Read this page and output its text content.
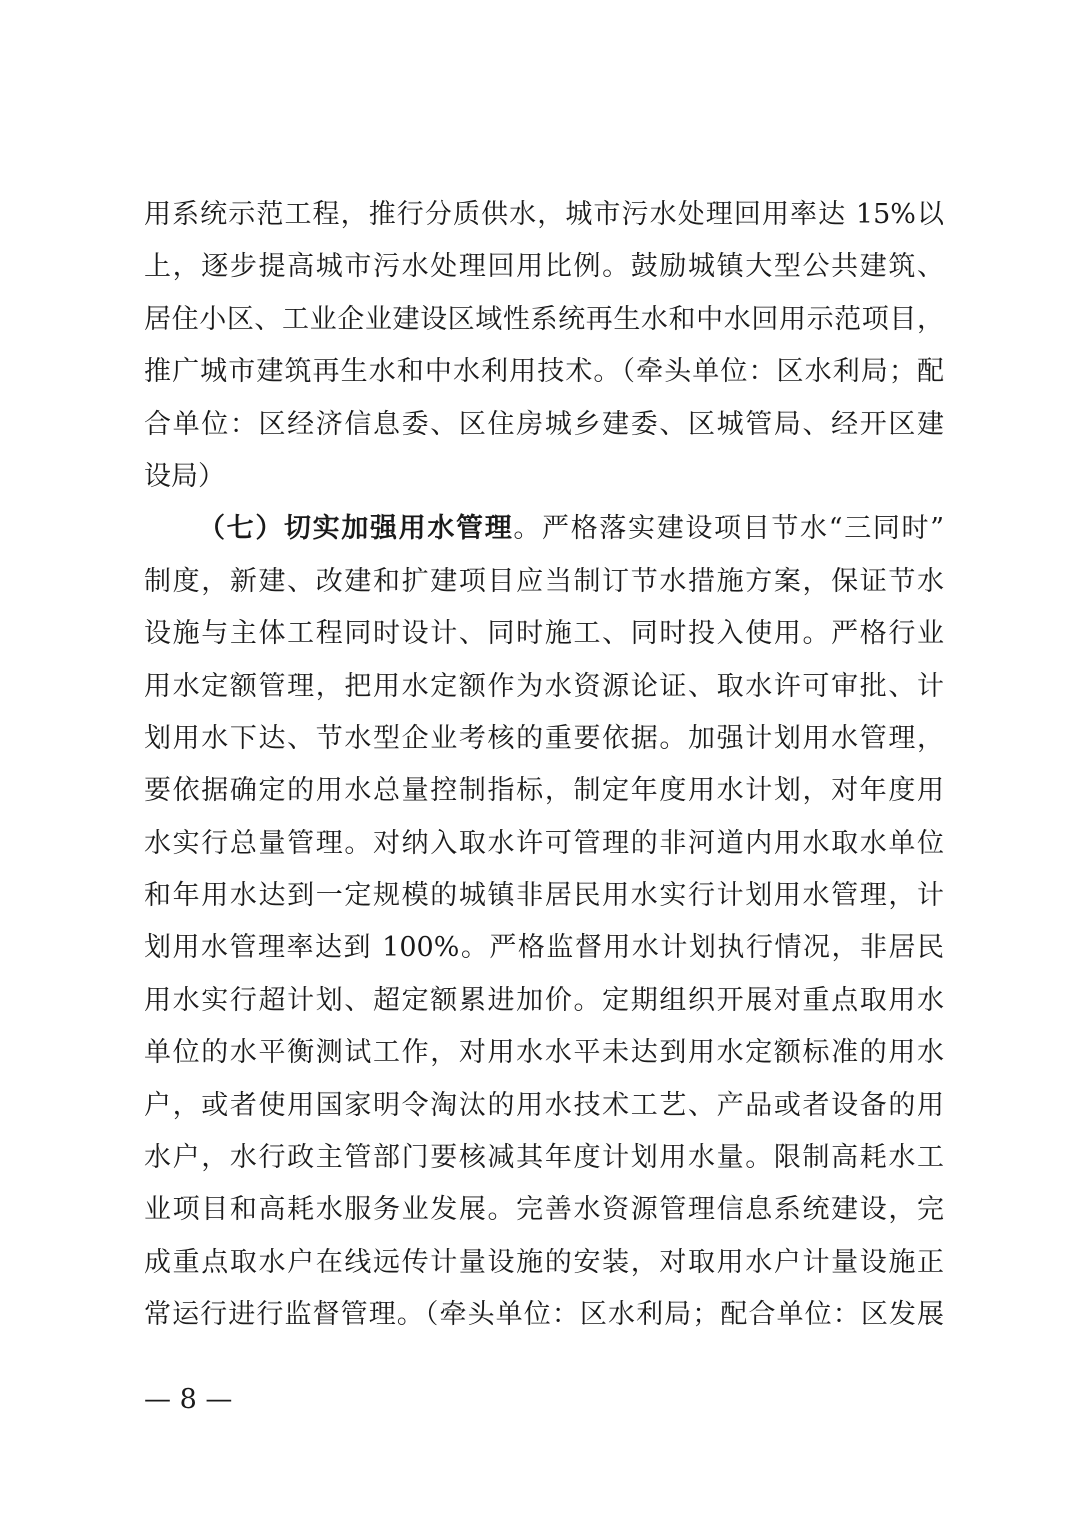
用系统示范工程，推行分质供水，城市污水处理回用率达 15%以
上，逐步提高城市污水处理回用比例。鼓励城镇大型公共建筑、
居住小区、工业企业建设区域性系统再生水和中水回用示范项目，
推广城市建筑再生水和中水利用技术。（牵头单位：区水利局；配
合单位：区经济信息委、区住房城乡建委、区城管局、经开区建
设局）
（七）切实加强用水管理。严格落实建设项目节水“三同时”
制度，新建、改建和扩建项目应当制订节水措施方案，保证节水
设施与主体工程同时设计、同时施工、同时投入使用。严格行业
用水定额管理，把用水定额作为水资源论证、取水许可审批、计
划用水下达、节水型企业考核的重要依据。加强计划用水管理，
要依据确定的用水总量控制指标，制定年度用水计划，对年度用
水实行总量管理。对纳入取水许可管理的非河道内用水取水单位
和年用水达到一定规模的城镇非居民用水实行计划用水管理，计
划用水管理率达到 100%。严格监督用水计划执行情况，非居民
用水实行超计划、超定额累进加价。定期组织开展对重点取用水
单位的水平衡测试工作，对用水水平未达到用水定额标准的用水
户，或者使用国家明令淘汰的用水技术工艺、产品或者设备的用
水户，水行政主管部门要核减其年度计划用水量。限制高耗水工
业项目和高耗水服务业发展。完善水资源管理信息系统建设，完
成重点取水户在线远传计量设施的安装，对取用水户计量设施正
常运行进行监督管理。（牵头单位：区水利局；配合单位：区发展
— 8 —
